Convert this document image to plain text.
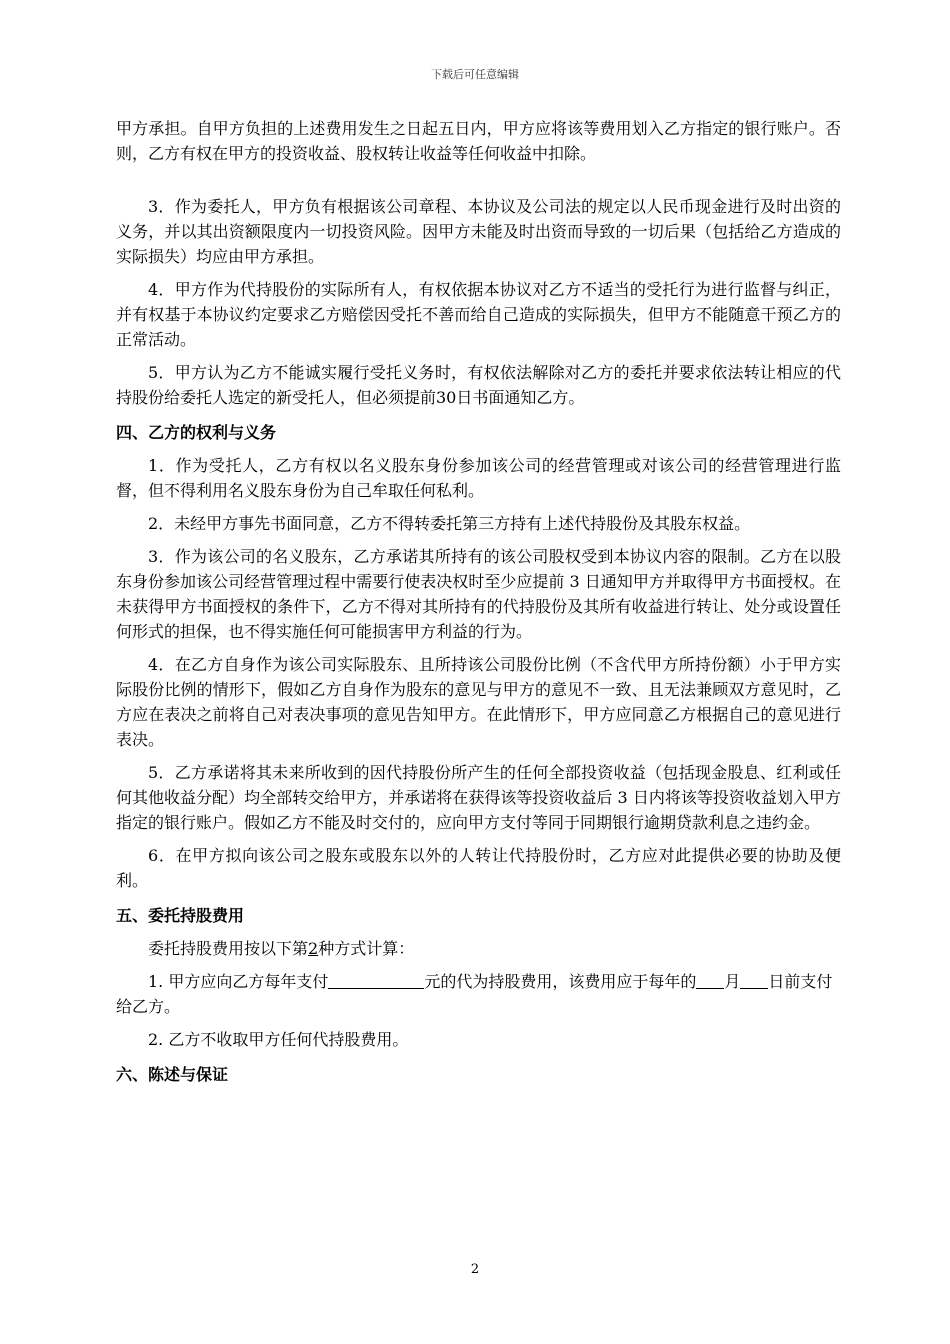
下载后可任意编辑

甲方承担。自甲方负担的上述费用发生之日起五日内，甲方应将该等费用划入乙方指定的银行账户。否则，乙方有权在甲方的投资收益、股权转让收益等任何收益中扣除。

3．作为委托人，甲方负有根据该公司章程、本协议及公司法的规定以人民币现金进行及时出资的义务，并以其出资额限度内一切投资风险。因甲方未能及时出资而导致的一切后果（包括给乙方造成的实际损失）均应由甲方承担。

4．甲方作为代持股份的实际所有人，有权依据本协议对乙方不适当的受托行为进行监督与纠正，并有权基于本协议约定要求乙方赔偿因受托不善而给自己造成的实际损失，但甲方不能随意干预乙方的正常活动。

5．甲方认为乙方不能诚实履行受托义务时，有权依法解除对乙方的委托并要求依法转让相应的代持股份给委托人选定的新受托人，但必须提前30日书面通知乙方。

四、乙方的权利与义务

1．作为受托人，乙方有权以名义股东身份参加该公司的经营管理或对该公司的经营管理进行监督，但不得利用名义股东身份为自己牟取任何私利。

2．未经甲方事先书面同意，乙方不得转委托第三方持有上述代持股份及其股东权益。

3．作为该公司的名义股东，乙方承诺其所持有的该公司股权受到本协议内容的限制。乙方在以股东身份参加该公司经营管理过程中需要行使表决权时至少应提前 3 日通知甲方并取得甲方书面授权。在未获得甲方书面授权的条件下，乙方不得对其所持有的代持股份及其所有收益进行转让、处分或设置任何形式的担保，也不得实施任何可能损害甲方利益的行为。

4．在乙方自身作为该公司实际股东、且所持该公司股份比例（不含代甲方所持份额）小于甲方实际股份比例的情形下，假如乙方自身作为股东的意见与甲方的意见不一致、且无法兼顾双方意见时，乙方应在表决之前将自己对表决事项的意见告知甲方。在此情形下，甲方应同意乙方根据自己的意见进行表决。

5．乙方承诺将其未来所收到的因代持股份所产生的任何全部投资收益（包括现金股息、红利或任何其他收益分配）均全部转交给甲方，并承诺将在获得该等投资收益后 3 日内将该等投资收益划入甲方指定的银行账户。假如乙方不能及时交付的，应向甲方支付等同于同期银行逾期贷款利息之违约金。

6．在甲方拟向该公司之股东或股东以外的人转让代持股份时，乙方应对此提供必要的协助及便利。

五、委托持股费用

委托持股费用按以下第2种方式计算：

1. 甲方应向乙方每年支付	元的代为持股费用，该费用应于每年的 月 日前支付给乙方。

2. 乙方不收取甲方任何代持股费用。

六、陈述与保证

2
